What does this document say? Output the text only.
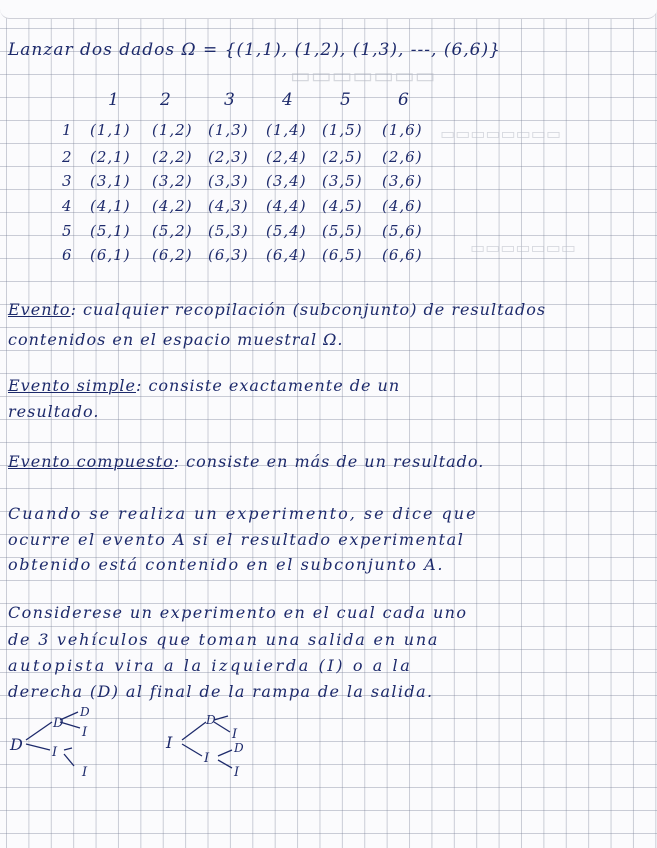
▭▭▭▭▭▭▭
▭▭▭▭▭▭▭▭
▭▭▭▭▭▭▭
Lanzar dos dados Ω = {(1,1), (1,2), (1,3), ---, (6,6)}
1 2	3	4	5	6
1 (1,1) (1,2) (1,3) (1,4) (1,5) (1,6)
2 (2,1) (2,2) (2,3) (2,4) (2,5) (2,6)
3 (3,1) (3,2) (3,3) (3,4) (3,5) (3,6)
4 (4,1) (4,2) (4,3) (4,4) (4,5) (4,6)
5 (5,1) (5,2) (5,3) (5,4) (5,5) (5,6)
6 (6,1) (6,2) (6,3) (6,4) (6,5) (6,6)
Evento: cualquier recopilación (subconjunto) de resultados
contenidos en el espacio muestral Ω.
Evento simple: consiste exactamente de un
resultado.
Evento compuesto: consiste en más de un resultado.
Cuando se realiza un experimento, se dice que
ocurre el evento A si el resultado experimental
obtenido está contenido en el subconjunto A.
Considerese un experimento en el cual cada uno
de 3 vehículos que toman una salida en una
autopista vira a la izquierda (I) o a la
derecha (D) al final de la rampa de la salida.
D
D
I
D
I
I
I
D
I
I
D
I
